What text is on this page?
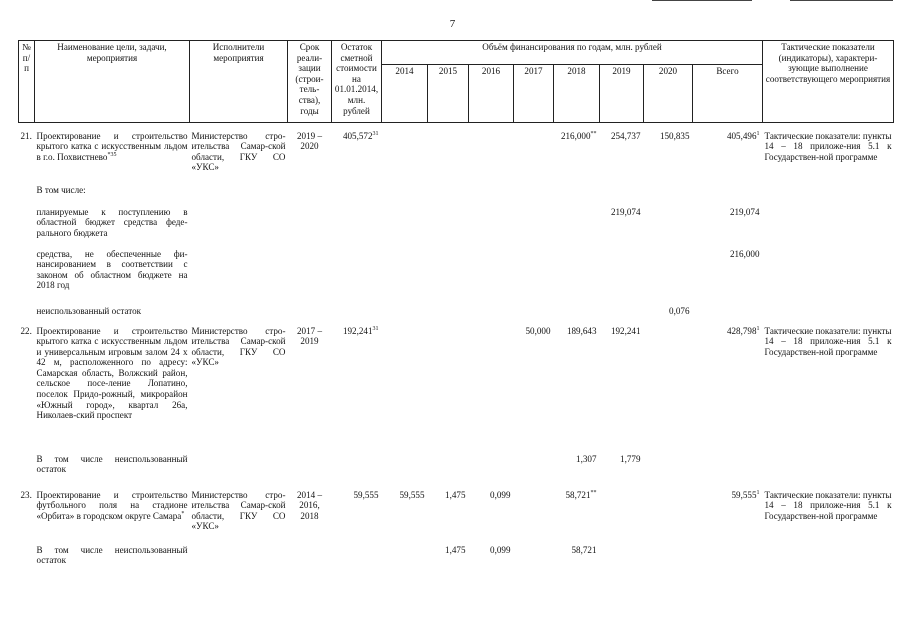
7
№ п/п	Наименование цели, задачи, мероприятия	Исполнители мероприятия	Срок реали-зации (строи-тель-ства), годы	Остаток сметной стоимости на 01.01.2014, млн. рублей	Объём финансирования по годам, млн. рублей								Тактические показатели (индикаторы), характери-зующие выполнение соответствующего мероприятия
					2014	2015	2016	2017	2018	2019	2020	Всего	

21.	Проектирование и строительство крытого катка с искусственным льдом в г.о. Похвистнево$^{*35}$	Министерство стро-ительства Самар-ской области, ГКУ СО «УКС»	2019 – 2020	405,572$^{31}$					216,000**	254,737	150,835	405,496$^1$	Тактические показатели: пункты 14 – 18 приложе-ния 5.1 к Государствен-ной программе
	В том числе:												
	планируемые к поступлению в областной бюджет средства феде-рального бюджета									219,074		219,074	
	средства, не обеспеченные фи-нансированием в соответствии с законом об областном бюджете на 2018 год											216,000	
	неиспользованный остаток										0,076		
22.	Проектирование и строительство крытого катка с искусственным льдом и универсальным игровым залом 24 х 42 м, расположенного по адресу: Самарская область, Волжский район, сельское посе-ление Лопатино, поселок Придо-рожный, микрорайон «Южный город», квартал 26а, Николаев-ский проспект	Министерство стро-ительства Самар-ской области, ГКУ СО «УКС»	2017 – 2019	192,241$^{31}$				50,000	189,643	192,241		428,798$^1$	Тактические показатели: пункты 14 – 18 приложе-ния 5.1 к Государствен-ной программе
	В том числе неиспользованный остаток								1,307	1,779			
23.	Проектирование и строительство футбольного поля на стадионе «Орбита» в городском округе Самара*	Министерство стро-ительства Самар-ской области, ГКУ СО «УКС»	2014 – 2016, 2018	59,555	59,555	1,475	0,099		58,721**			59,555$^1$	Тактические показатели: пункты 14 – 18 приложе-ния 5.1 к Государствен-ной программе
	В том числе неиспользованный остаток					1,475	0,099		58,721				
